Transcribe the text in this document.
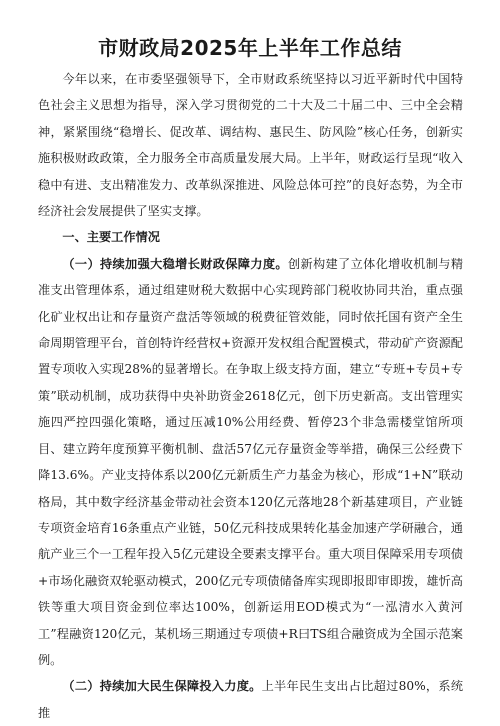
市财政局2025年上半年工作总结

今年以来，在市委坚强领导下，全市财政系统坚持以习近平新时代中国特色社会主义思想为指导，深入学习贯彻党的二十大及二十届二中、三中全会精神，紧紧围绕“稳增长、促改革、调结构、惠民生、防风险”核心任务，创新实施积极财政政策，全力服务全市高质量发展大局。上半年，财政运行呈现“收入稳中有进、支出精准发力、改革纵深推进、风险总体可控”的良好态势，为全市经济社会发展提供了坚实支撑。

一、主要工作情况

（一）持续加强大稳增长财政保障力度。创新构建了立体化增收机制与精准支出管理体系，通过组建财税大数据中心实现跨部门税收协同共治，重点强化矿业权出让和存量资产盘活等领域的税费征管效能，同时依托国有资产全生命周期管理平台，首创特许经营权+资源开发权组合配置模式，带动矿产资源配置专项收入实现28%的显著增长。在争取上级支持方面，建立“专班+专员+专策”联动机制，成功获得中央补助资金2618亿元，创下历史新高。支出管理实施四严控四强化策略，通过压减10%公用经费、暂停23个非急需楼堂馆所项目、建立跨年度预算平衡机制、盘活57亿元存量资金等举措，确保三公经费下降13.6%。产业支持体系以200亿元新质生产力基金为核心，形成“1+N”联动格局，其中数字经济基金带动社会资本120亿元落地28个新基建项目，产业链专项资金培育16条重点产业链，50亿元科技成果转化基金加速产学研融合，通航产业三个一工程年投入5亿元建设全要素支撑平台。重大项目保障采用专项债+市场化融资双轮驱动模式，200亿元专项债储备库实现即报即审即拨，雄忻高铁等重大项目资金到位率达100%，创新运用EOD模式为“一泓清水入黄河工”程融资120亿元，某机场三期通过专项债+R曰TS组合融资成为全国示范案例。

（二）持续加大民生保障投入力度。上半年民生支出占比超过80%，系统推
